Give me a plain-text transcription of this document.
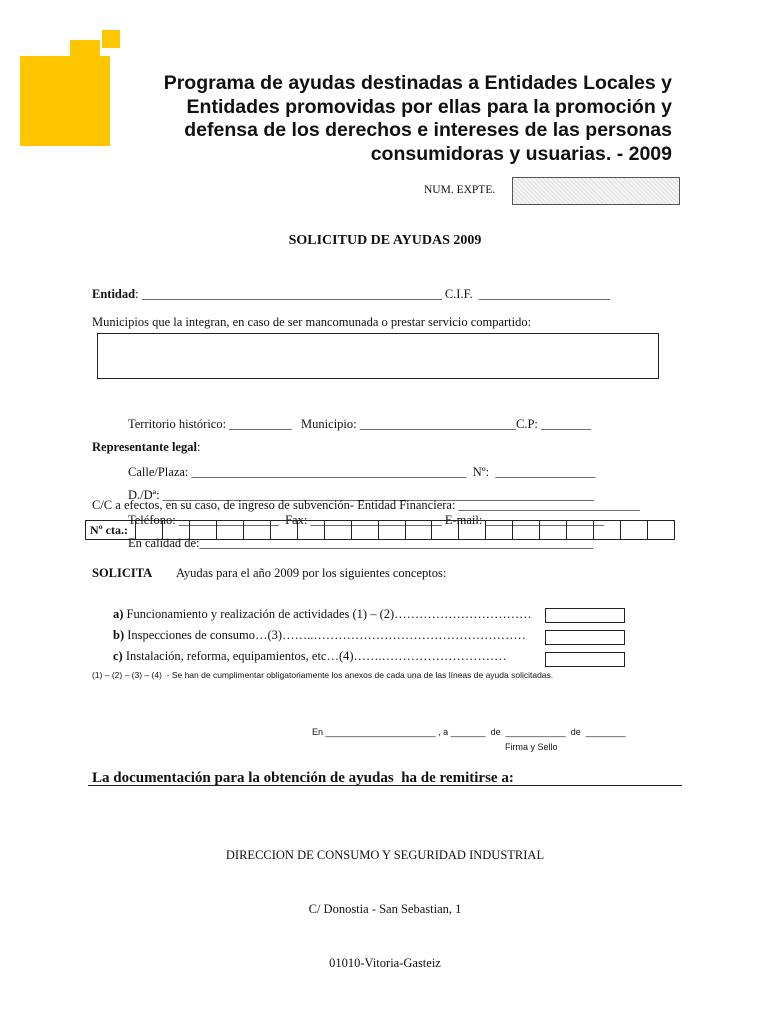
Programa de ayudas destinadas a Entidades Locales y
Entidades promovidas por ellas para la promoción y
defensa de los derechos e intereses de las personas
consumidoras y usuarias. - 2009
NUM. EXPTE.
SOLICITUD DE AYUDAS 2009
Entidad: ________________________________________________ C.I.F.  _____________________
Municipios que la integran, en caso de ser mancomunada o prestar servicio compartido:

Territorio histórico: __________   Municipio: _________________________C.P: ________

Calle/Plaza: ____________________________________________  Nº:  ________________

Teléfono: ________________  Fax: _____________________ E-mail: ___________________

Representante legal:

D./Dª: _____________________________________________________________________

En calidad de:_______________________________________________________________

C/C a efectos, en su caso, de ingreso de subvención- Entidad Financiera: _____________________________
Nº cta.:
SOLICITA Ayudas para el año 2009 por los siguientes conceptos:
a) Funcionamiento y realización de actividades (1) – (2)……………………………
b) Inspecciones de consumo…(3)……..……………………………………………
c) Instalación, reforma, equipamientos, etc…(4)…….…………………………
(1) – (2) – (3) – (4)  - Se han de cumplimentar obligatoriamente los anexos de cada una de las líneas de ayuda solicitadas.
En ______________________ , a _______  de  ____________  de  ________
Firma y Sello
La documentación para la obtención de ayudas  ha de remitirse a:

DIRECCION DE CONSUMO Y SEGURIDAD INDUSTRIAL

C/ Donostia - San Sebastian, 1

01010-Vitoria-Gasteiz
